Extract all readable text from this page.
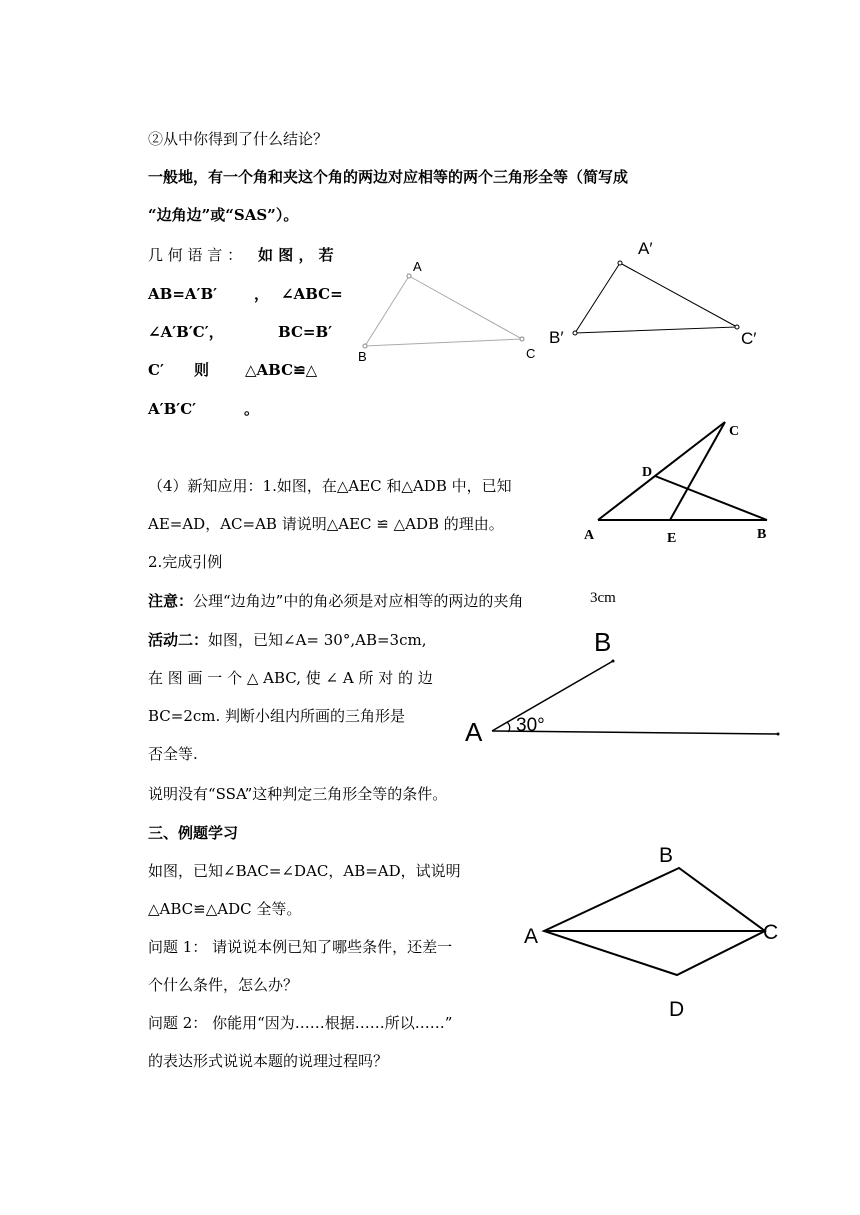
②从中你得到了什么结论？
一般地，有一个角和夹这个角的两边对应相等的两个三角形全等（简写成
“边角边”或“SAS”）。
几 何 语 言 ： 如 图 ， 若
AB=A′B′ ， ∠ABC=
∠A′B′C′，	BC=B′
C′ 则 △ABC≌△
A′B′C′	。
A
B	C
A′
B′	C′
（4）新知应用：1.如图，在△AEC 和△ADB 中，已知
AE=AD，AC=AB 请说明△AEC ≌ △ADB 的理由。
2.完成引例
C
D
A	E	B
注意：公理“边角边”中的角必须是对应相等的两边的夹角
活动二：如图，已知∠A= 30°,AB=3cm,
在 图 画 一 个 △ ABC, 使 ∠ A 所 对 的 边
BC=2cm. 判断小组内所画的三角形是
否全等.
说明没有“SSA”这种判定三角形全等的条件。
3cm
B
A 30°
三、例题学习
如图，已知∠BAC=∠DAC，AB=AD，试说明
△ABC≌△ADC 全等。
问题 1： 请说说本例已知了哪些条件，还差一
个什么条件，怎么办？
问题 2： 你能用“因为……根据……所以……”
的表达形式说说本题的说理过程吗？
B
A	C
D
